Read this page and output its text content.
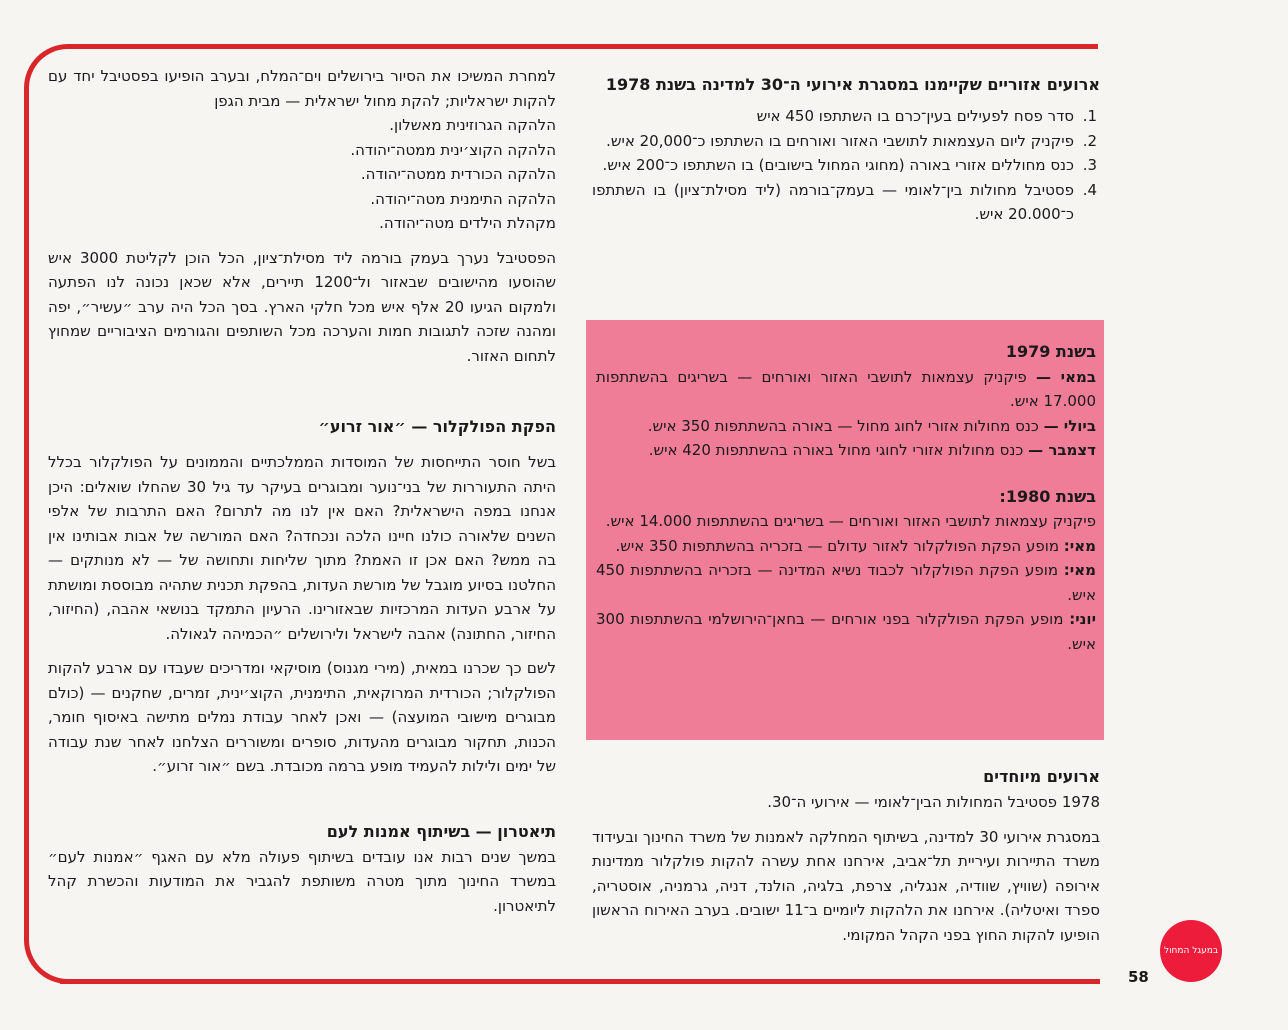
ארועים אזוריים שקיימנו במסגרת אירועי ה־30 למדינה בשנת 1978
1. סדר פסח לפעילים בעין־כרם בו השתתפו 450 איש
2. פיקניק ליום העצמאות לתושבי האזור ואורחים בו השתתפו כ־20,000 איש.
3. כנס מחוללים אזורי באורה (מחוגי המחול בישובים) בו השתתפו כ־200 איש.
4. פסטיבל מחולות בין־לאומי — בעמק־בורמה (ליד מסילת־ציון) בו השתתפו כ־20.000 איש.

בשנת 1979

במאי — פיקניק עצמאות לתושבי האזור ואורחים — בשריגים בהשתתפות 17.000 איש.

ביולי — כנס מחולות אזורי לחוג מחול — באורה בהשתתפות 350 איש.

דצמבר — כנס מחולות אזורי לחוגי מחול באורה בהשתתפות 420 איש.

בשנת 1980:

פיקניק עצמאות לתושבי האזור ואורחים — בשריגים בהשתתפות 14.000 איש.

מאי: מופע הפקת הפולקלור לאזור עדולם — בזכריה בהשתתפות 350 איש.

מאי: מופע הפקת הפולקלור לכבוד נשיא המדינה — בזכריה בהשתתפות 450 איש.

יוני: מופע הפקת הפולקלור בפני אורחים — בחאן־הירושלמי בהשתתפות 300 איש.

ארועים מיוחדים

1978 פסטיבל המחולות הבין־לאומי — אירועי ה־30.

במסגרת אירועי 30 למדינה, בשיתוף המחלקה לאמנות של משרד החינוך ובעידוד משרד התיירות ועיריית תל־אביב, אירחנו אחת עשרה להקות פולקלור ממדינות אירופה (שוויץ, שוודיה, אנגליה, צרפת, בלגיה, הולנד, דניה, גרמניה, אוסטריה, ספרד ואיטליה). אירחנו את הלהקות ליומיים ב־11 ישובים. בערב האירוח הראשון הופיעו להקות החוץ בפני הקהל המקומי.

למחרת המשיכו את הסיור בירושלים וים־המלח, ובערב הופיעו בפסטיבל יחד עם להקות ישראליות; להקת מחול ישראלית — מבית הגפן

הלהקה הגרוזינית מאשלון.

הלהקה הקוצ׳ינית ממטה־יהודה.

הלהקה הכורדית ממטה־יהודה.

הלהקה התימנית מטה־יהודה.

מקהלת הילדים מטה־יהודה.

הפסטיבל נערך בעמק בורמה ליד מסילת־ציון, הכל הוכן לקליטת 3000 איש שהוסעו מהישובים שבאזור ול־1200 תיירים, אלא שכאן נכונה לנו הפתעה ולמקום הגיעו 20 אלף איש מכל חלקי הארץ. בסך הכל היה ערב ״עשיר״, יפה ומהנה שזכה לתגובות חמות והערכה מכל השותפים והגורמים הציבוריים שמחוץ לתחום האזור.

הפקת הפולקלור — ״אור זרוע״

בשל חוסר התייחסות של המוסדות הממלכתיים והממונים על הפולקלור בכלל היתה התעוררות של בני־נוער ומבוגרים בעיקר עד גיל 30 שהחלו שואלים: היכן אנחנו במפה הישראלית? האם אין לנו מה לתרום? האם התרבות של אלפי השנים שלאורה כולנו חיינו הלכה ונכחדה? האם המורשה של אבות אבותינו אין בה ממש? האם אכן זו האמת? מתוך שליחות ותחושה של — לא מנותקים — החלטנו בסיוע מוגבל של מורשת העדות, בהפקת תכנית שתהיה מבוססת ומושתת על ארבע העדות המרכזיות שבאזורינו. הרעיון התמקד בנושאי אהבה, (החיזור, החיזור, החתונה) אהבה לישראל ולירושלים ״הכמיהה לגאולה.

לשם כך שכרנו במאית, (מירי מגנוס) מוסיקאי ומדריכים שעבדו עם ארבע להקות הפולקלור; הכורדית המרוקאית, התימנית, הקוצ׳ינית, זמרים, שחקנים — (כולם מבוגרים מישובי המועצה) — ואכן לאחר עבודת נמלים מתישה באיסוף חומר, הכנות, תחקור מבוגרים מהעדות, סופרים ומשוררים הצלחנו לאחר שנת עבודה של ימים ולילות להעמיד מופע ברמה מכובדת. בשם ״אור זרוע״.

תיאטרון — בשיתוף אמנות לעם

במשך שנים רבות אנו עובדים בשיתוף פעולה מלא עם האגף ״אמנות לעם״ במשרד החינוך מתוך מטרה משותפת להגביר את המודעות והכשרת קהל לתיאטרון.

במעגל המחול
58
